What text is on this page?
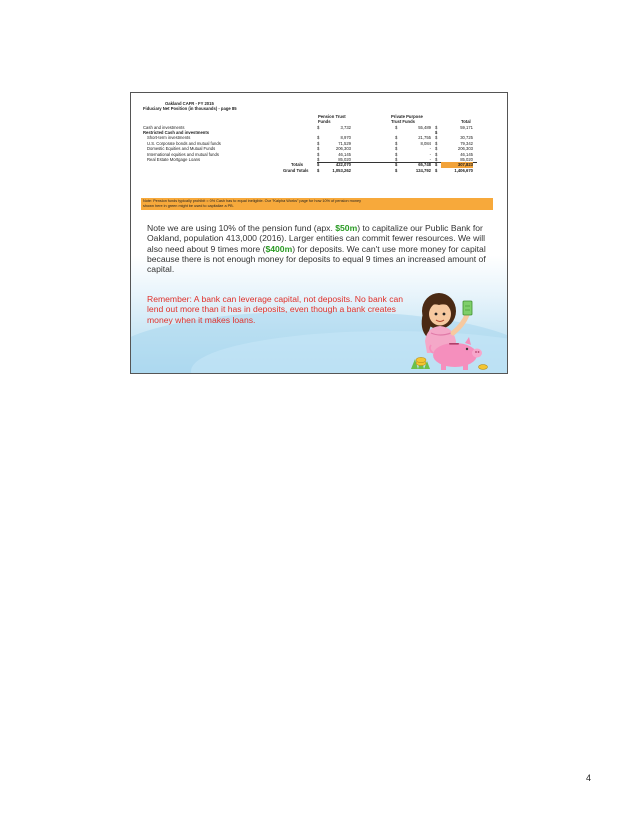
Oakland CAFR - FY 2015
Fiduciary Net Position (in thousands) - page 85
Pension Trust	Private Purpose
Funds	Trust Funds	Total
Cash and investments	$	3,732	$	55,489 $	59,171
Restricted Cash and investments	$
Short-term investments	$	8,970	$	21,755 $	30,725
U.S. Corporate bonds and mutual funds	$	71,529	$	8,084 $	79,342
Domestic Equities and Mutual Funds	$	206,303	$	- $	206,303
International equities and mutual funds	$	46,145	$	- $	46,145
Real Estate Mortgage Loans	$	85,020	$	- $	85,020
Totals	$	422,070	$	65,748 $	307,823
Grand Totals $	1,053,262	$	124,792 $	1,406,670
Note: Pension funds typically prohibit = 0% Cash has to equal ineligible. Our "Kalpha Works" page for how 10% of pension money
shown here in green might be used to capitalize a PB.
Note we are using 10% of the pension fund (apx. $50m) to capitalize our Public Bank for Oakland, population 413,000 (2016). Larger entities can commit fewer resources. We will also need about 9 times more ($400m) for deposits. We can't use more money for capital because there is not enough money for deposits to equal 9 times an increased amount of capital.
Remember: A bank can leverage capital, not deposits. No bank can lend out more than it has in deposits, even though a bank creates money when it makes loans.
4
